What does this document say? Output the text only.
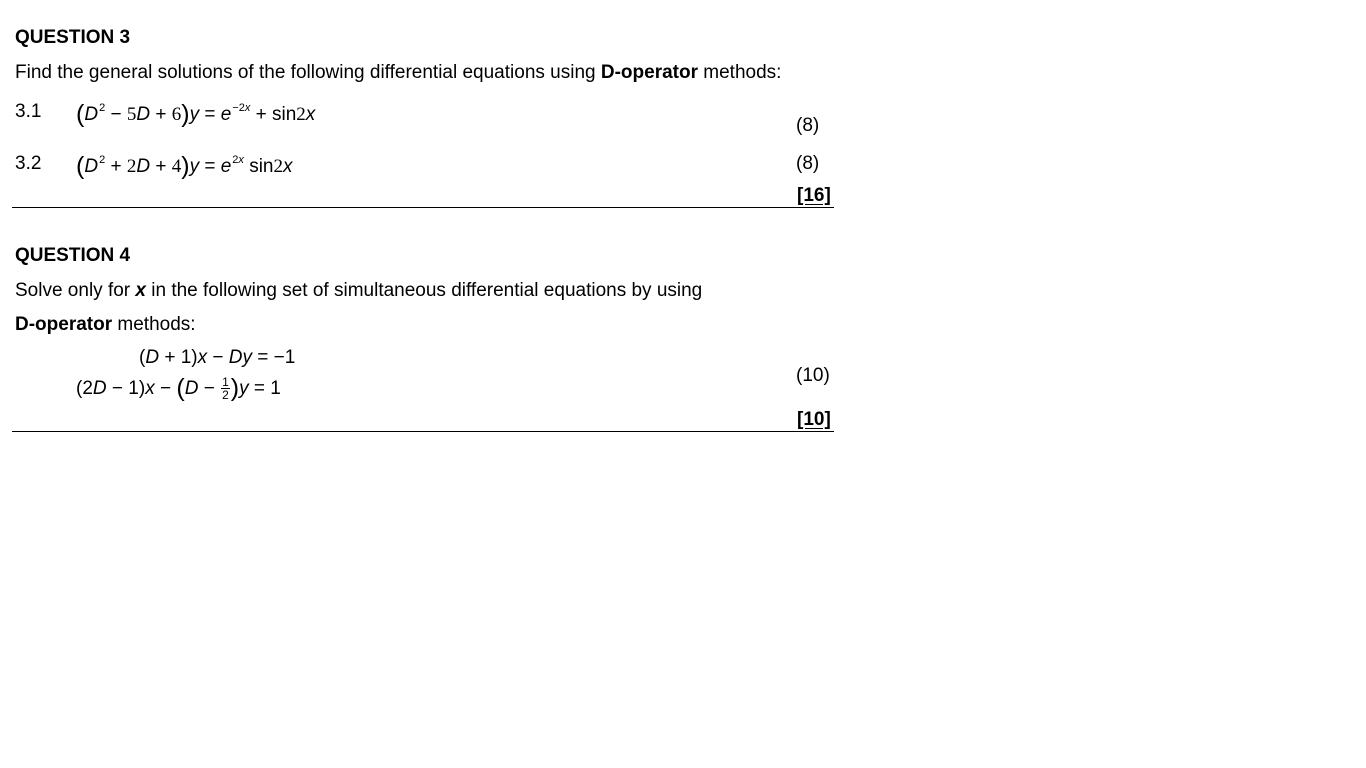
QUESTION 3
Find the general solutions of the following differential equations using D-operator methods:
3.1 $(D^2 - 5D + 6)y = e^{-2x} + \sin 2x$
(8)
3.2 $(D^2 + 2D + 4)y = e^{2x}$ sin2x	(8)
[16]
QUESTION 4
Solve only for x in the following set of simultaneous differential equations by using
D-operator methods:
(D + 1)x − Dy = −1
$(2D - 1)x - (D - \frac{1}{2} )y = 1$
(10)
[10]
